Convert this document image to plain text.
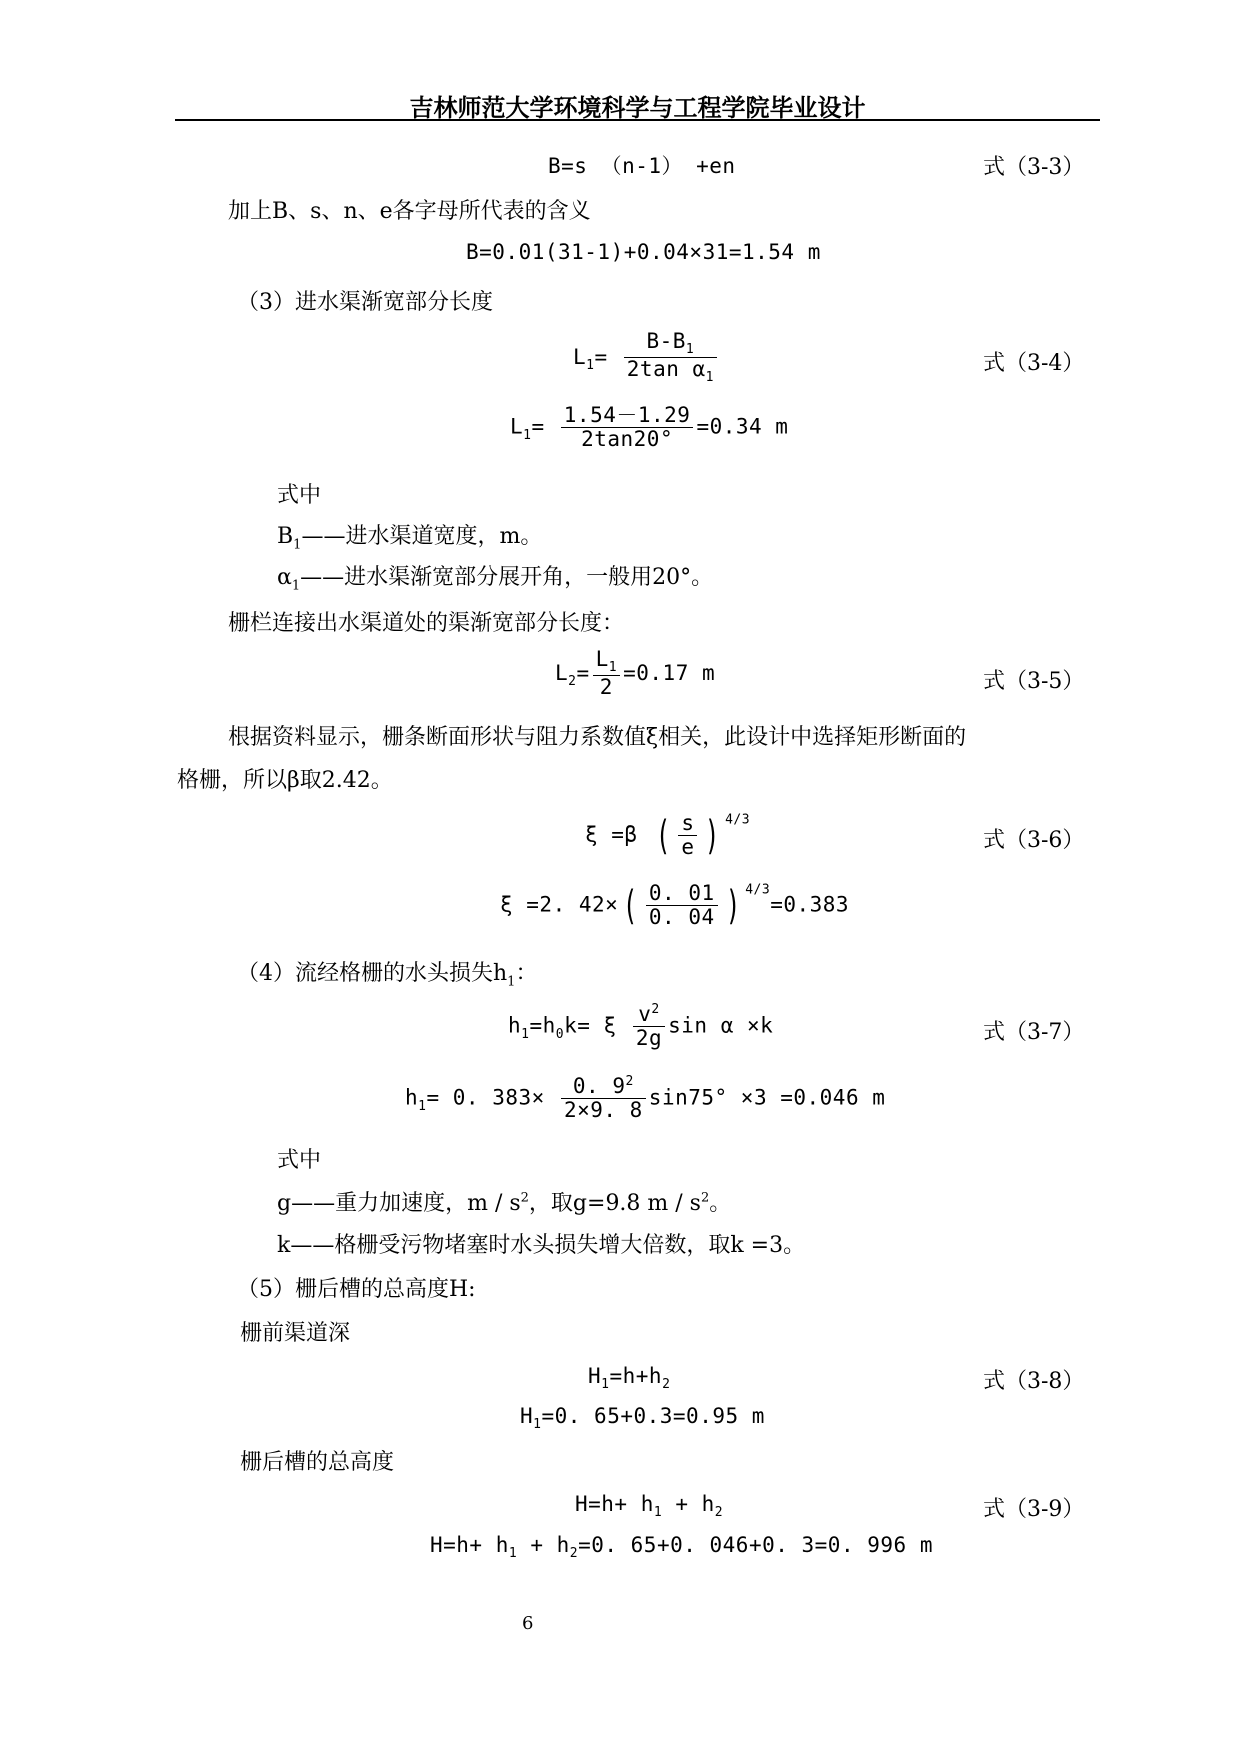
吉林师范大学环境科学与工程学院毕业设计
B=s （n-1） +en	式（3-3）
加上B、s、n、e各字母所代表的含义
B=0.01(31-1)+0.04×31=1.54 m
（3）进水渠渐宽部分长度
$L_1= \frac{B-B_1}{2\tan \alpha_1}$	式（3-4）
$L_1= \frac{1.54-1.29}{2\tan 20^\circ} =0.34$ m
式中
$B_1——$进水渠道宽度，m。
$\alpha_1——$进水渠渐宽部分展开角，一般用20°。
栅栏连接出水渠道处的渠渐宽部分长度：
$L_2= \frac{L_1}{2} =0.17$ m	式（3-5）
根据资料显示，栅条断面形状与阻力系数值ξ相关，此设计中选择矩形断面的
格栅，所以β取2.42。
ξ =β ( $\frac{s}{e}$ ) $^{4/3}$
式（3-6）
ξ =2. 42× ( $\frac{0. 01}{0. 04}$ ) $^{4/3}$=0.383
（4）流经格栅的水头损失$h_1$：
$h_1=h_0k= \xi \frac{v^2}{2g}$ sin α ×k	式（3-7）
$h_1= 0$. $383\times \frac{0. 9^2}{2\times 9. 8} \sin 75^\circ \times 3 =0.046$ m
式中
g——重力加速度，m / $s^2$，取g=9.8 m / $s^2$。
k——格栅受污物堵塞时水头损失增大倍数，取k =3。
（5）栅后槽的总高度H:
栅前渠道深
$H_1=h+h_2$	式（3-8）
$H_1=0$. 65+0.3=0.95 m
栅后槽的总高度
$H=h+ h_1 + h_2$	式（3-9）
$H=h+ h_1 + h_2=0$. 65+0. 046+0. 3=0. 996 m
6
